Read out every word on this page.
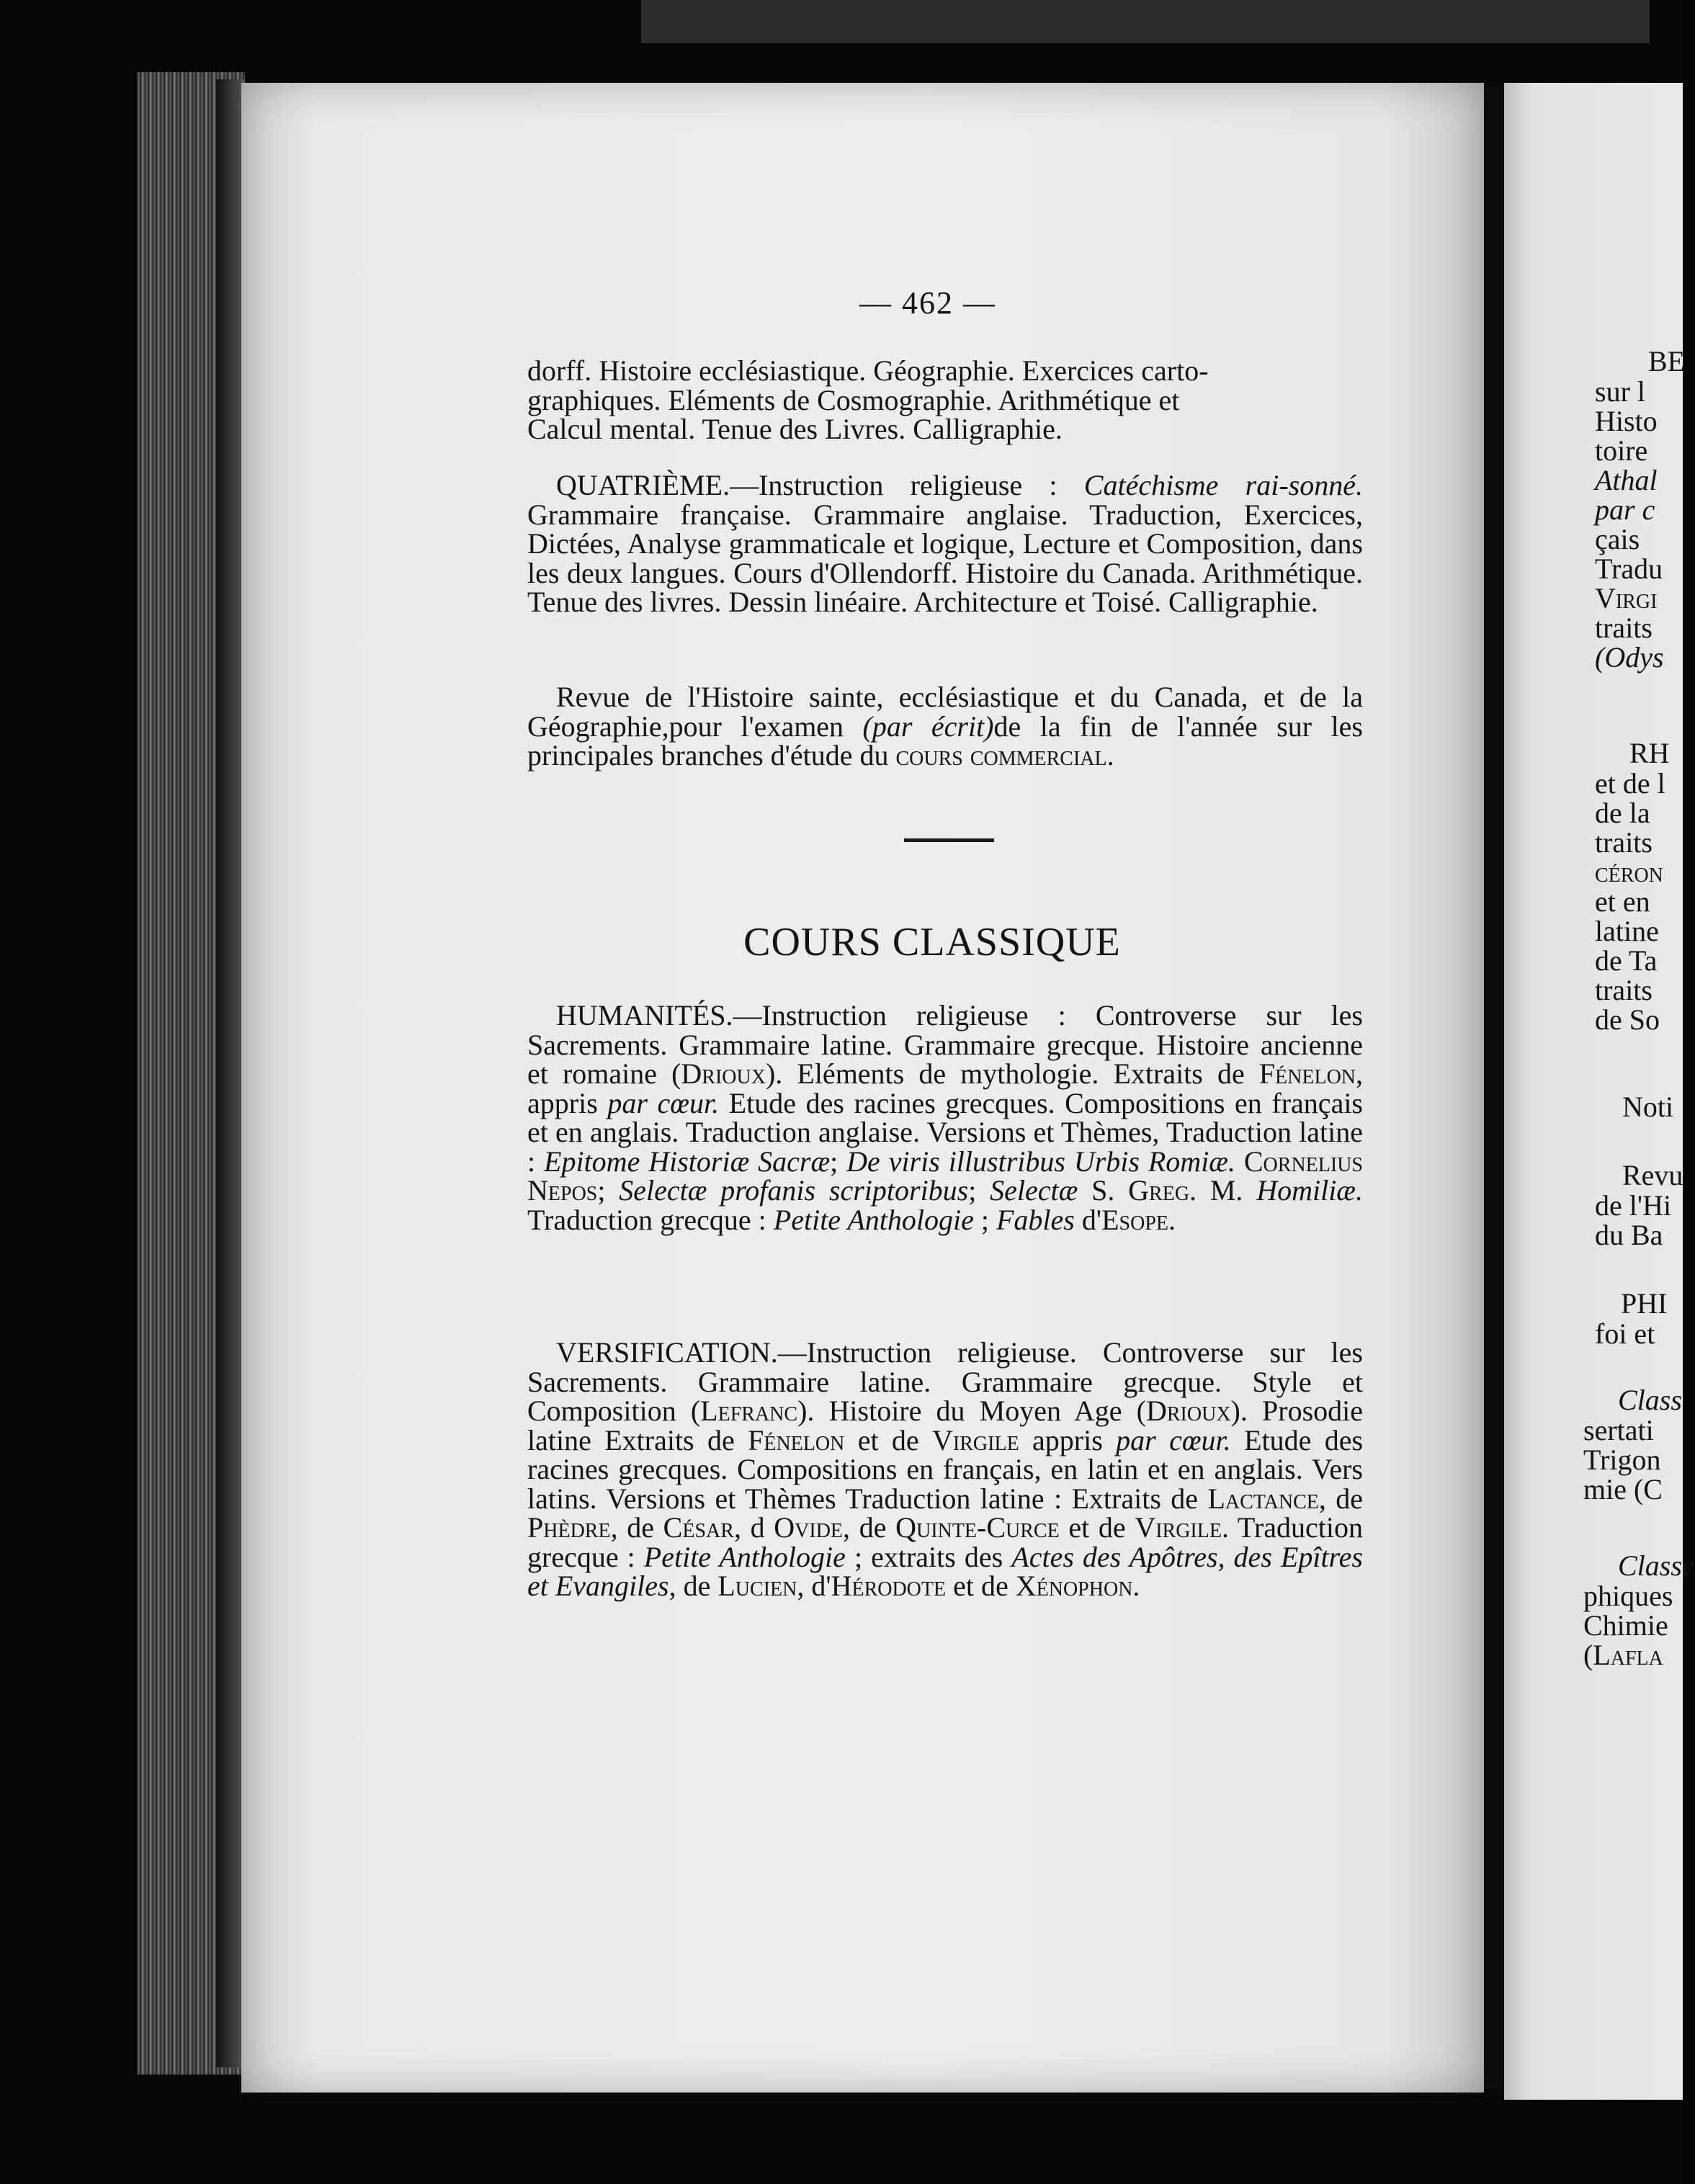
— 462 —
dorff. Histoire ecclésiastique. Géographie. Exercices carto-
graphiques. Eléments de Cosmographie. Arithmétique et
Calcul mental. Tenue des Livres. Calligraphie.
QUATRIÈME.—Instruction religieuse : Catéchisme rai-sonné. Grammaire française. Grammaire anglaise. Traduction, Exercices, Dictées, Analyse grammaticale et logique, Lecture et Composition, dans les deux langues. Cours d'Ollendorff. Histoire du Canada. Arithmétique. Tenue des livres. Dessin linéaire. Architecture et Toisé. Calligraphie.
Revue de l'Histoire sainte, ecclésiastique et du Canada, et de la Géographie,pour l'examen (par écrit)de la fin de l'année sur les principales branches d'étude du cours commercial.
COURS CLASSIQUE
HUMANITÉS.—Instruction religieuse : Controverse sur les Sacrements. Grammaire latine. Grammaire grecque. Histoire ancienne et romaine (Drioux). Eléments de mythologie. Extraits de Fénelon, appris par cœur. Etude des racines grecques. Compositions en français et en anglais. Traduction anglaise. Versions et Thèmes, Traduction latine : Epitome Historiæ Sacræ; De viris illustribus Urbis Romiæ. Cornelius Nepos; Selectæ profanis scriptoribus; Selectæ S. Greg. M. Homiliæ. Traduction grecque : Petite Anthologie ; Fables d'Esope.
VERSIFICATION.—Instruction religieuse. Controverse sur les Sacrements. Grammaire latine. Grammaire grecque. Style et Composition (Lefranc). Histoire du Moyen Age (Drioux). Prosodie latine Extraits de Fénelon et de Virgile appris par cœur. Etude des racines grecques. Compositions en français, en latin et en anglais. Vers latins. Versions et Thèmes Traduction latine : Extraits de Lactance, de Phèdre, de César, d Ovide, de Quinte-Curce et de Virgile. Traduction grecque : Petite Anthologie ; extraits des Actes des Apôtres, des Epîtres et Evangiles, de Lucien, d'Hérodote et de Xénophon.
BE
sur l
Histo
toire
Athal
par c
çais
Tradu
Virgi
traits
(Odys
RH
et de l
de la
traits
céron
et en
latine
de Ta
traits
de So
Noti
Revu
de l'Hi
du Ba
PHI
foi et
Class
sertati
Trigon
mie (C
Classe
phiques
Chimie
(Lafla
